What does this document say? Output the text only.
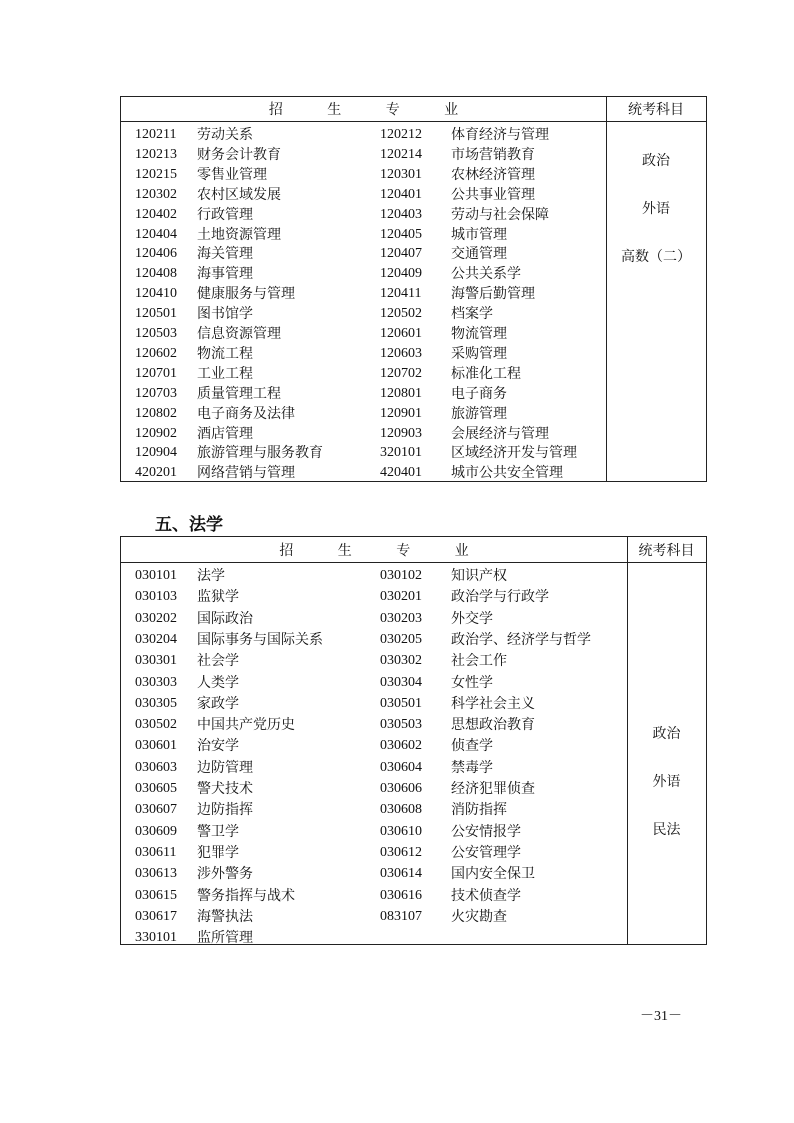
招 生 专 业	统考科目
120211 劳动关系	120212 体育经济与管理
120213 财务会计教育	120214 市场营销教育
120215 零售业管理	120301 农林经济管理
120302 农村区域发展	120401 公共事业管理
120402 行政管理	120403 劳动与社会保障
120404 土地资源管理	120405 城市管理
120406 海关管理	120407 交通管理
120408 海事管理	120409 公共关系学
120410 健康服务与管理	120411 海警后勤管理
120501 图书馆学	120502 档案学
120503 信息资源管理	120601 物流管理
120602 物流工程	120603 采购管理
120701 工业工程	120702 标准化工程
120703 质量管理工程	120801 电子商务
120802 电子商务及法律	120901 旅游管理
120902 酒店管理	120903 会展经济与管理
120904 旅游管理与服务教育	320101 区域经济开发与管理
420201 网络营销与管理	420401 城市公共安全管理
政治
外语
高数（二）
五、法学
招 生 专 业	统考科目
030101 法学	030102 知识产权
030103 监狱学	030201 政治学与行政学
030202 国际政治	030203 外交学
030204 国际事务与国际关系	030205 政治学、经济学与哲学
030301 社会学	030302 社会工作
030303 人类学	030304 女性学
030305 家政学	030501 科学社会主义
030502 中国共产党历史	030503 思想政治教育
030601 治安学	030602 侦查学
030603 边防管理	030604 禁毒学
030605 警犬技术	030606 经济犯罪侦查
030607 边防指挥	030608 消防指挥
030609 警卫学	030610 公安情报学
030611 犯罪学	030612 公安管理学
030613 涉外警务	030614 国内安全保卫
030615 警务指挥与战术	030616 技术侦查学
030617 海警执法	083107 火灾勘查
330101 监所管理
政治
外语
民法
－31－
